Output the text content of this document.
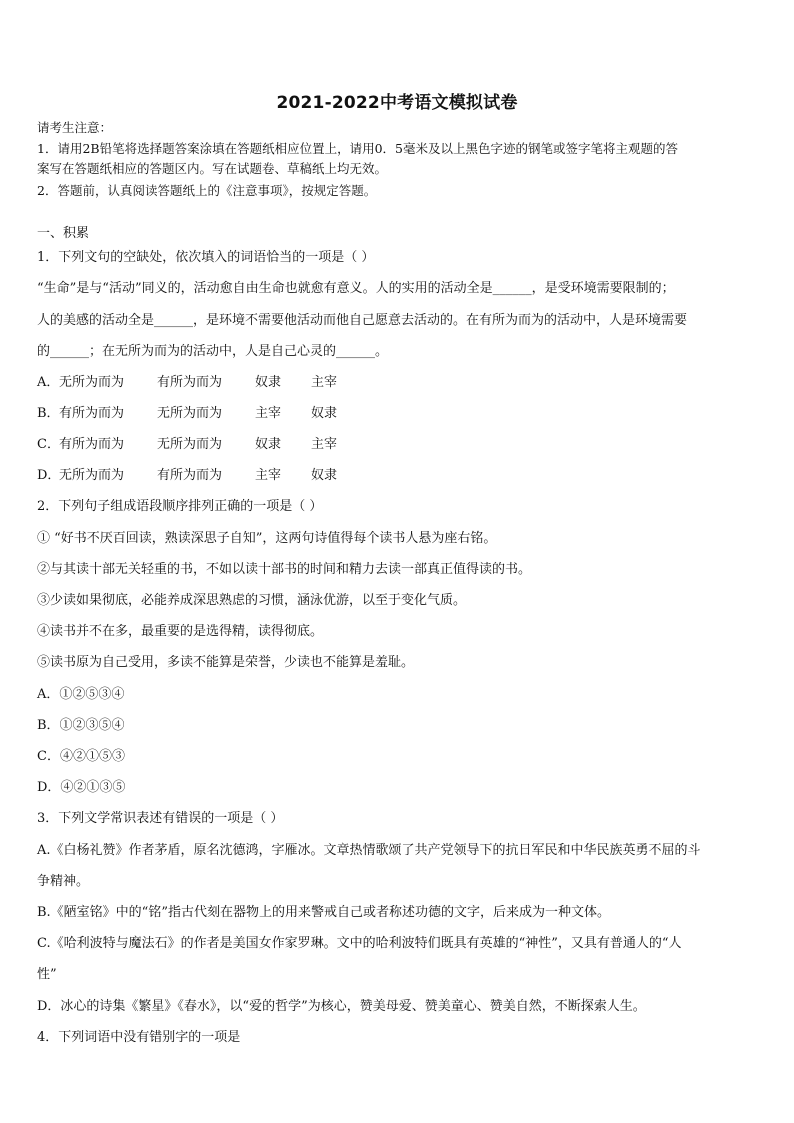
2021-2022中考语文模拟试卷
请考生注意：
1．请用2B铅笔将选择题答案涂填在答题纸相应位置上，请用0．5毫米及以上黑色字迹的钢笔或签字笔将主观题的答
案写在答题纸相应的答题区内。写在试题卷、草稿纸上均无效。
2．答题前，认真阅读答题纸上的《注意事项》，按规定答题。
一、积累
1．下列文句的空缺处，依次填入的词语恰当的一项是（ ）
“生命”是与“活动”同义的，活动愈自由生命也就愈有意义。人的实用的活动全是______，是受环境需要限制的；
人的美感的活动全是______，是环境不需要他活动而他自己愿意去活动的。在有所为而为的活动中，人是环境需要
的______；在无所为而为的活动中，人是自己心灵的______。
A．无所为而为	有所为而为	奴隶 主宰
B．有所为而为	无所为而为	主宰 奴隶
C．有所为而为	无所为而为	奴隶 主宰
D．无所为而为	有所为而为	主宰 奴隶
2．下列句子组成语段顺序排列正确的一项是（ ）
① “好书不厌百回读，熟读深思子自知”，这两句诗值得每个读书人悬为座右铭。
②与其读十部无关轻重的书，不如以读十部书的时间和精力去读一部真正值得读的书。
③少读如果彻底，必能养成深思熟虑的习惯，涵泳优游，以至于变化气质。
④读书并不在多，最重要的是选得精，读得彻底。
⑤读书原为自己受用，多读不能算是荣誉，少读也不能算是羞耻。
A．①②⑤③④
B．①②③⑤④
C．④②①⑤③
D．④②①③⑤
3．下列文学常识表述有错误的一项是（ ）
A.《白杨礼赞》作者茅盾，原名沈德鸿，字雁冰。文章热情歌颂了共产党领导下的抗日军民和中华民族英勇不屈的斗
争精神。
B.《陋室铭》中的“铭”指古代刻在器物上的用来警戒自己或者称述功德的文字，后来成为一种文体。
C.《哈利波特与魔法石》的作者是美国女作家罗琳。文中的哈利波特们既具有英雄的“神性”，又具有普通人的“人
性”
D．冰心的诗集《繁星》《春水》，以“爱的哲学”为核心，赞美母爱、赞美童心、赞美自然，不断探索人生。
4．下列词语中没有错别字的一项是
